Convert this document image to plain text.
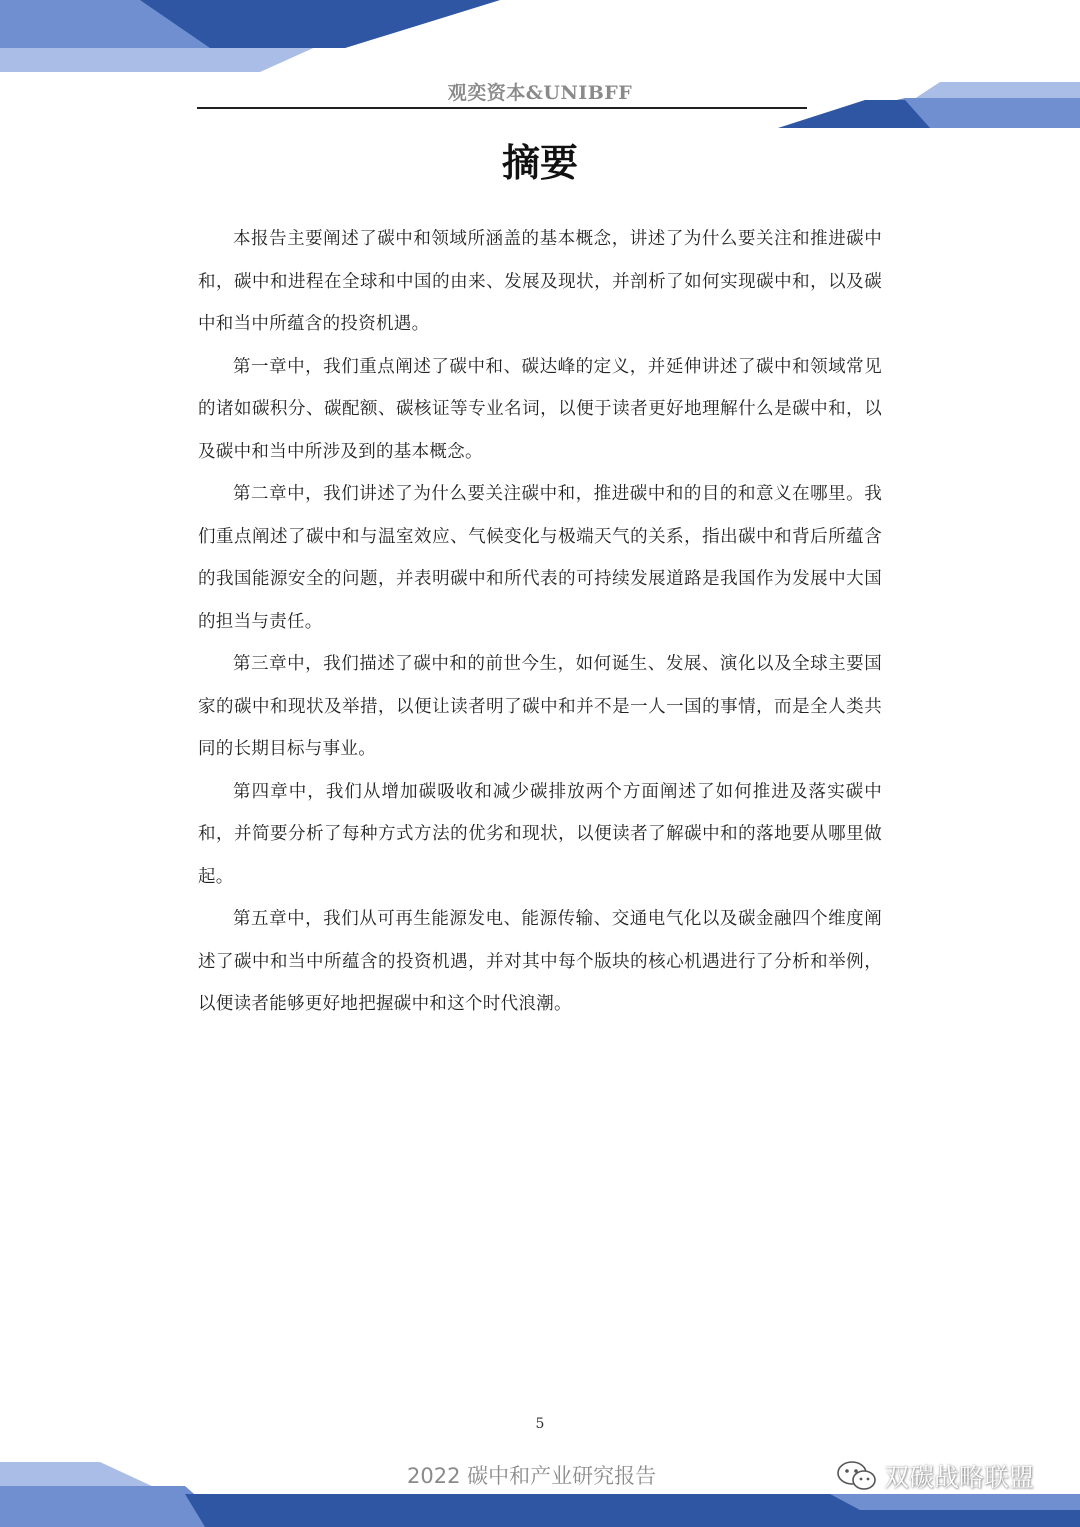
观奕资本&UNIBFF
摘要

本报告主要阐述了碳中和领域所涵盖的基本概念，讲述了为什么要关注和推进碳中和，碳中和进程在全球和中国的由来、发展及现状，并剖析了如何实现碳中和，以及碳中和当中所蕴含的投资机遇。

第一章中，我们重点阐述了碳中和、碳达峰的定义，并延伸讲述了碳中和领域常见的诸如碳积分、碳配额、碳核证等专业名词，以便于读者更好地理解什么是碳中和，以及碳中和当中所涉及到的基本概念。

第二章中，我们讲述了为什么要关注碳中和，推进碳中和的目的和意义在哪里。我们重点阐述了碳中和与温室效应、气候变化与极端天气的关系，指出碳中和背后所蕴含的我国能源安全的问题，并表明碳中和所代表的可持续发展道路是我国作为发展中大国的担当与责任。

第三章中，我们描述了碳中和的前世今生，如何诞生、发展、演化以及全球主要国家的碳中和现状及举措，以便让读者明了碳中和并不是一人一国的事情，而是全人类共同的长期目标与事业。

第四章中，我们从增加碳吸收和减少碳排放两个方面阐述了如何推进及落实碳中和，并简要分析了每种方式方法的优劣和现状，以便读者了解碳中和的落地要从哪里做起。

第五章中，我们从可再生能源发电、能源传输、交通电气化以及碳金融四个维度阐述了碳中和当中所蕴含的投资机遇，并对其中每个版块的核心机遇进行了分析和举例，以便读者能够更好地把握碳中和这个时代浪潮。

5
2022 碳中和产业研究报告	双碳战略联盟
